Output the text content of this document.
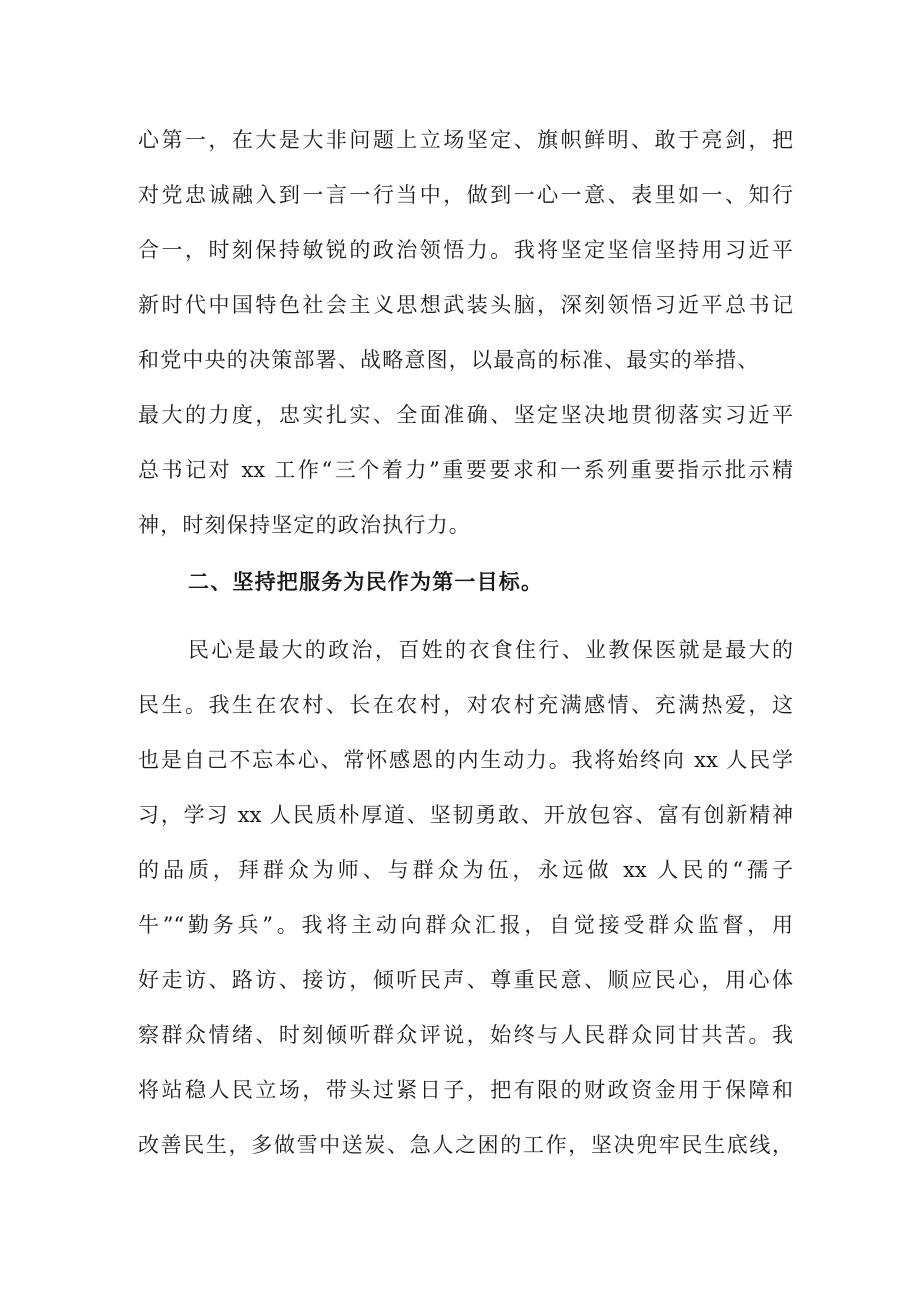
心第一，在大是大非问题上立场坚定、旗帜鲜明、敢于亮剑，把
对党忠诚融入到一言一行当中，做到一心一意、表里如一、知行
合一，时刻保持敏锐的政治领悟力。我将坚定坚信坚持用习近平
新时代中国特色社会主义思想武装头脑，深刻领悟习近平总书记
和党中央的决策部署、战略意图，以最高的标准、最实的举措、
最大的力度，忠实扎实、全面准确、坚定坚决地贯彻落实习近平
总书记对 xx 工作“三个着力”重要要求和一系列重要指示批示精
神，时刻保持坚定的政治执行力。
二、坚持把服务为民作为第一目标。
民心是最大的政治，百姓的衣食住行、业教保医就是最大的
民生。我生在农村、长在农村，对农村充满感情、充满热爱，这
也是自己不忘本心、常怀感恩的内生动力。我将始终向 xx 人民学
习，学习 xx 人民质朴厚道、坚韧勇敢、开放包容、富有创新精神
的品质，拜群众为师、与群众为伍，永远做 xx 人民的“孺子
牛”“勤务兵”。我将主动向群众汇报，自觉接受群众监督，用
好走访、路访、接访，倾听民声、尊重民意、顺应民心，用心体
察群众情绪、时刻倾听群众评说，始终与人民群众同甘共苦。我
将站稳人民立场，带头过紧日子，把有限的财政资金用于保障和
改善民生，多做雪中送炭、急人之困的工作，坚决兜牢民生底线，
